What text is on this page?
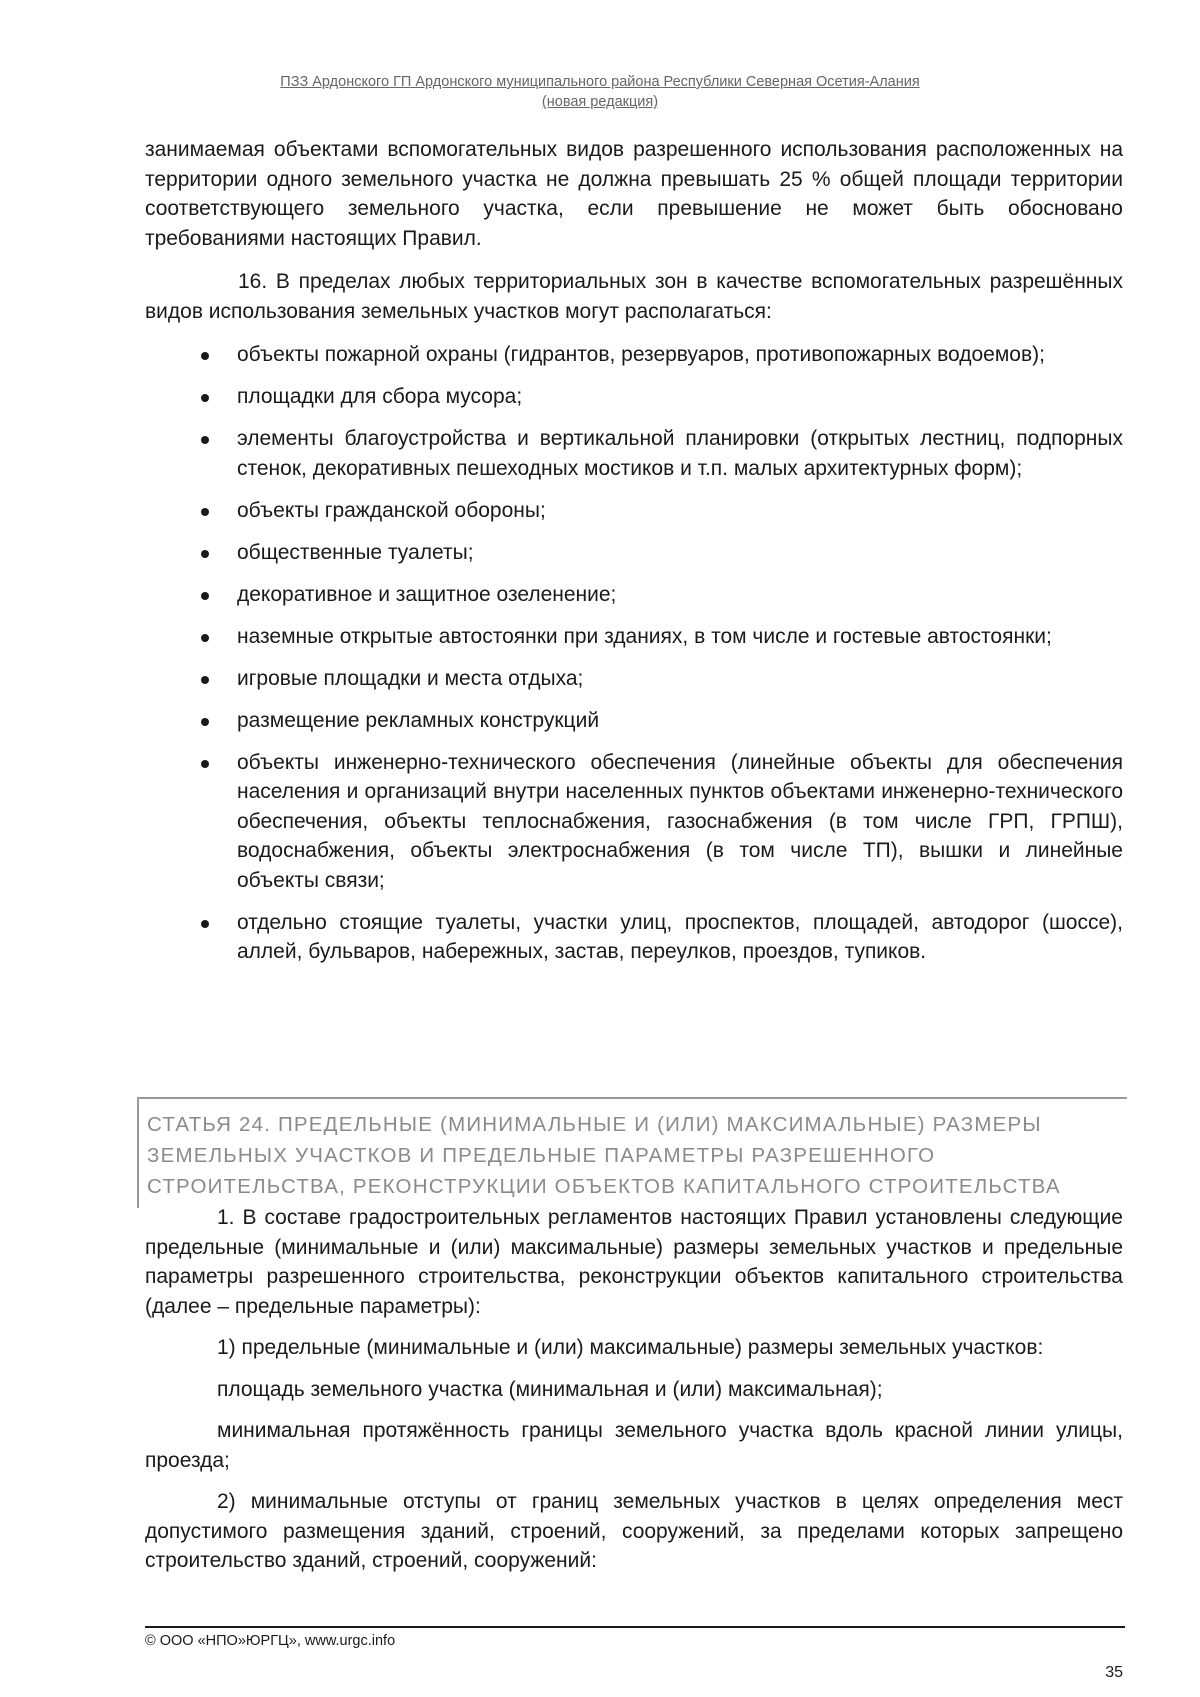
ПЗЗ Ардонского ГП Ардонского муниципального района Республики Северная Осетия-Алания
(новая редакция)

занимаемая объектами вспомогательных видов разрешенного использования расположенных на территории одного земельного участка не должна превышать 25 % общей площади территории соответствующего земельного участка, если превышение не может быть обосновано требованиями настоящих Правил.

16. В пределах любых территориальных зон в качестве вспомогательных разрешённых видов использования земельных участков могут располагаться:

объекты пожарной охраны (гидрантов, резервуаров, противопожарных водоемов);
площадки для сбора мусора;
элементы благоустройства и вертикальной планировки (открытых лестниц, подпорных стенок, декоративных пешеходных мостиков и т.п. малых архитектурных форм);
объекты гражданской обороны;
общественные туалеты;
декоративное и защитное озеленение;
наземные открытые автостоянки при зданиях, в том числе и гостевые автостоянки;
игровые площадки и места отдыха;
размещение рекламных конструкций
объекты инженерно-технического обеспечения (линейные объекты для обеспечения населения и организаций внутри населенных пунктов объектами инженерно-технического обеспечения, объекты теплоснабжения, газоснабжения (в том числе ГРП, ГРПШ), водоснабжения, объекты электроснабжения (в том числе ТП), вышки и линейные объекты связи;
отдельно стоящие туалеты, участки улиц, проспектов, площадей, автодорог (шоссе), аллей, бульваров, набережных, застав, переулков, проездов, тупиков.
СТАТЬЯ 24. ПРЕДЕЛЬНЫЕ (МИНИМАЛЬНЫЕ И (ИЛИ) МАКСИМАЛЬНЫЕ) РАЗМЕРЫ ЗЕМЕЛЬНЫХ УЧАСТКОВ И ПРЕДЕЛЬНЫЕ ПАРАМЕТРЫ РАЗРЕШЕННОГО СТРОИТЕЛЬСТВА, РЕКОНСТРУКЦИИ ОБЪЕКТОВ КАПИТАЛЬНОГО СТРОИТЕЛЬСТВА

1. В составе градостроительных регламентов настоящих Правил установлены следующие предельные (минимальные и (или) максимальные) размеры земельных участков и предельные параметры разрешенного строительства, реконструкции объектов капитального строительства (далее – предельные параметры):

1) предельные (минимальные и (или) максимальные) размеры земельных участков:

площадь земельного участка (минимальная и (или) максимальная);

минимальная протяжённость границы земельного участка вдоль красной линии улицы, проезда;

2) минимальные отступы от границ земельных участков в целях определения мест допустимого размещения зданий, строений, сооружений, за пределами которых запрещено строительство зданий, строений, сооружений:

© ООО «НПО»ЮРГЦ», www.urgc.info
35
